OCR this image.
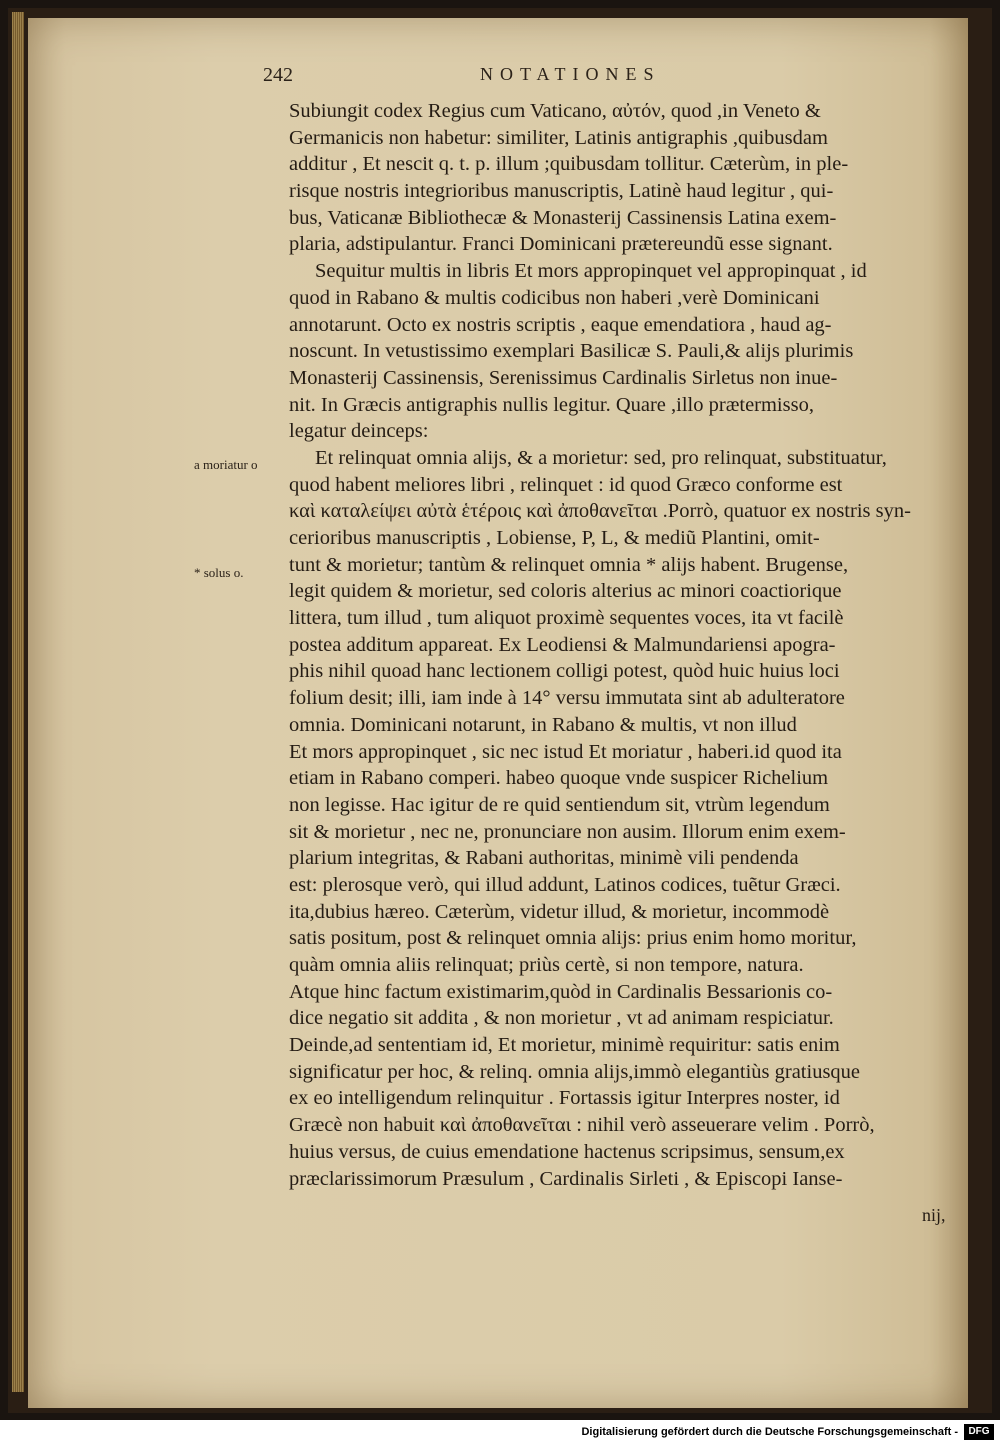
242	NOTATIONES
a moriatur o
* solus o.
Subiungit codex Regius cum Vaticano, αὐτόν, quod ,in Veneto &
Germanicis non habetur: similiter, Latinis antigraphis ,quibusdam
additur , Et nescit q. t. p. illum ;quibusdam tollitur. Cæterùm, in ple-
risque nostris integrioribus manuscriptis, Latinè haud legitur , qui-
bus, Vaticanæ Bibliothecæ & Monasterij Cassinensis Latina exem-
plaria, adstipulantur. Franci Dominicani prætereundũ esse signant.
Sequitur multis in libris Et mors appropinquet vel appropinquat , id
quod in Rabano & multis codicibus non haberi ,verè Dominicani
annotarunt. Octo ex nostris scriptis , eaque emendatiora , haud ag-
noscunt. In vetustissimo exemplari Basilicæ S. Pauli,& alijs plurimis
Monasterij Cassinensis, Serenissimus Cardinalis Sirletus non inue-
nit. In Græcis antigraphis nullis legitur. Quare ,illo prætermisso,
legatur deinceps:
Et relinquat omnia alijs, & a morietur: sed, pro relinquat, substituatur,
quod habent meliores libri , relinquet : id quod Græco conforme est
καὶ καταλείψει αὐτὰ ἑτέροις καὶ ἀποθανεῖται .Porrò, quatuor ex nostris syn-
cerioribus manuscriptis , Lobiense, P, L, & mediũ Plantini, omit-
tunt & morietur; tantùm & relinquet omnia * alijs habent. Brugense,
legit quidem & morietur, sed coloris alterius ac minori coactiorique
littera, tum illud , tum aliquot proximè sequentes voces, ita vt facilè
postea additum appareat. Ex Leodiensi & Malmundariensi apogra-
phis nihil quoad hanc lectionem colligi potest, quòd huic huius loci
folium desit; illi, iam inde à 14° versu immutata sint ab adulteratore
omnia. Dominicani notarunt, in Rabano & multis, vt non illud
Et mors appropinquet , sic nec istud Et moriatur , haberi.id quod ita
etiam in Rabano comperi. habeo quoque vnde suspicer Richelium
non legisse. Hac igitur de re quid sentiendum sit, vtrùm legendum
sit & morietur , nec ne, pronunciare non ausim. Illorum enim exem-
plarium integritas, & Rabani authoritas, minimè vili pendenda
est: plerosque verò, qui illud addunt, Latinos codices, tuẽtur Græci.
ita,dubius hæreo. Cæterùm, videtur illud, & morietur, incommodè
satis positum, post & relinquet omnia alijs: prius enim homo moritur,
quàm omnia aliis relinquat; priùs certè, si non tempore, natura.
Atque hinc factum existimarim,quòd in Cardinalis Bessarionis co-
dice negatio sit addita , & non morietur , vt ad animam respiciatur.
Deinde,ad sententiam id, Et morietur, minimè requiritur: satis enim
significatur per hoc, & relinq. omnia alijs,immò elegantiùs gratiusque
ex eo intelligendum relinquitur . Fortassis igitur Interpres noster, id
Græcè non habuit καὶ ἀποθανεῖται : nihil verò asseuerare velim . Porrò,
huius versus, de cuius emendatione hactenus scripsimus, sensum,ex
præclarissimorum Præsulum , Cardinalis Sirleti , & Episcopi Ianse-
nij,
Digitalisierung gefördert durch die Deutsche Forschungsgemeinschaft -	DFG
